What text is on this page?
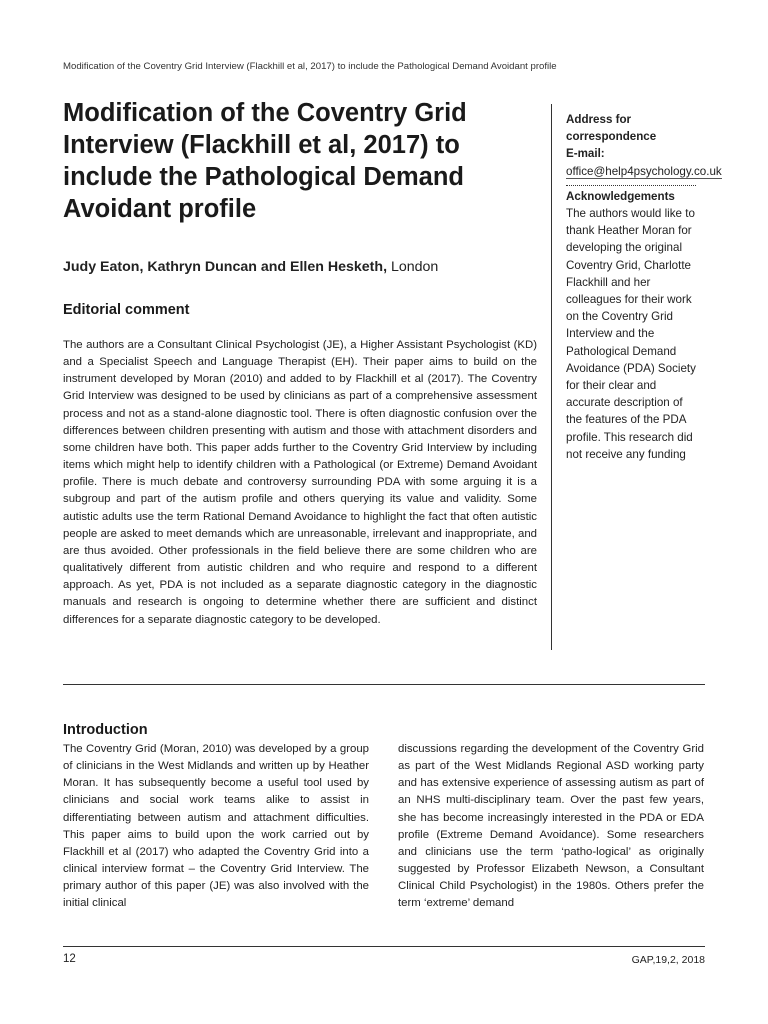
Modification of the Coventry Grid Interview (Flackhill et al, 2017) to include the Pathological Demand Avoidant profile
Modification of the Coventry Grid Interview (Flackhill et al, 2017) to include the Pathological Demand Avoidant profile
Judy Eaton, Kathryn Duncan and Ellen Hesketh, London
Editorial comment

The authors are a Consultant Clinical Psychologist (JE), a Higher Assistant Psychologist (KD) and a Specialist Speech and Language Therapist (EH). Their paper aims to build on the instrument developed by Moran (2010) and added to by Flackhill et al (2017). The Coventry Grid Interview was designed to be used by clinicians as part of a comprehensive assessment process and not as a stand-alone diagnostic tool. There is often diagnostic confusion over the differences between children presenting with autism and those with attachment disorders and some children have both. This paper adds further to the Coventry Grid Interview by including items which might help to identify children with a Pathological (or Extreme) Demand Avoidant profile. There is much debate and controversy surrounding PDA with some arguing it is a subgroup and part of the autism profile and others querying its value and validity. Some autistic adults use the term Rational Demand Avoidance to highlight the fact that often autistic people are asked to meet demands which are unreasonable, irrelevant and inappropriate, and are thus avoided. Other professionals in the field believe there are some children who are qualitatively different from autistic children and who require and respond to a different approach. As yet, PDA is not included as a separate diagnostic category in the diagnostic manuals and research is ongoing to determine whether there are sufficient and distinct differences for a separate diagnostic category to be developed.

Address for correspondence
E-mail: office@help4psychology.co.uk
Acknowledgements
The authors would like to thank Heather Moran for developing the original Coventry Grid, Charlotte Flackhill and her colleagues for their work on the Coventry Grid Interview and the Pathological Demand Avoidance (PDA) Society for their clear and accurate description of the features of the PDA profile. This research did not receive any funding
Introduction

The Coventry Grid (Moran, 2010) was developed by a group of clinicians in the West Midlands and written up by Heather Moran. It has subsequently become a useful tool used by clinicians and social work teams alike to assist in differentiating between autism and attachment difficulties. This paper aims to build upon the work carried out by Flackhill et al (2017) who adapted the Coventry Grid into a clinical interview format – the Coventry Grid Interview. The primary author of this paper (JE) was also involved with the initial clinical

discussions regarding the development of the Coventry Grid as part of the West Midlands Regional ASD working party and has extensive experience of assessing autism as part of an NHS multi-disciplinary team. Over the past few years, she has become increasingly interested in the PDA or EDA profile (Extreme Demand Avoidance). Some researchers and clinicians use the term ‘patho-logical’ as originally suggested by Professor Elizabeth Newson, a Consultant Clinical Child Psychologist) in the 1980s. Others prefer the term ‘extreme’ demand

12	GAP,19,2, 2018
